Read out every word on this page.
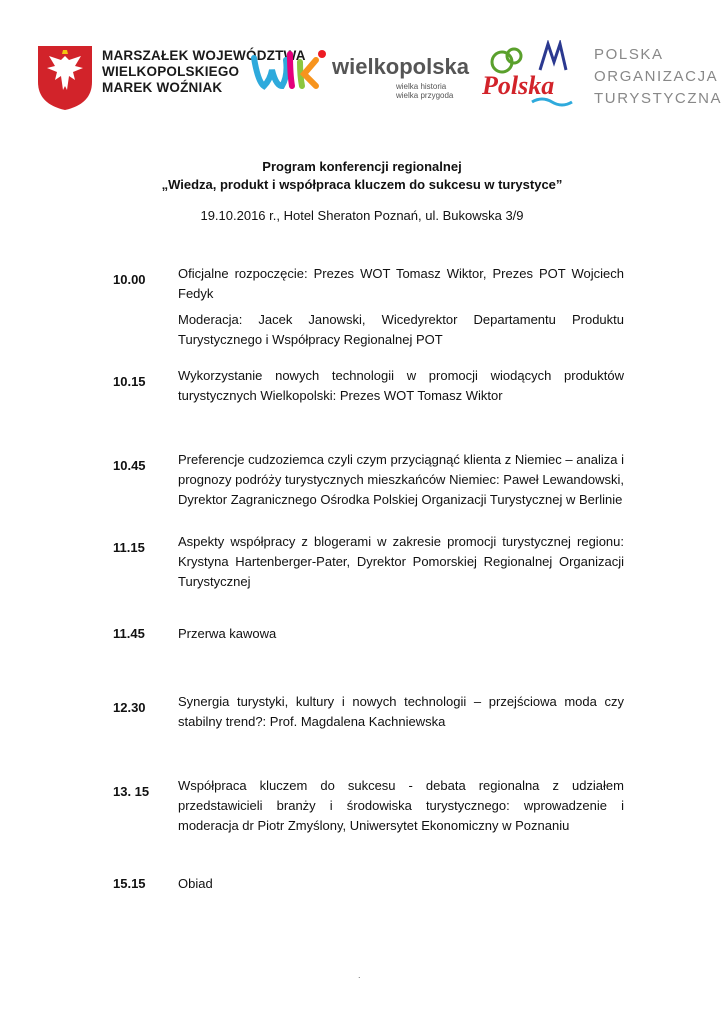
MARSZAŁEK WOJEWÓDZTWA
WIELKOPOLSKIEGO
MAREK WOŹNIAK
wielkopolska
wielka historia
wielka przygoda Polska
POLSKA
ORGANIZACJA
TURYSTYCZNA
Program konferencji regionalnej
„Wiedza, produkt i współpraca kluczem do sukcesu w turystyce”
19.10.2016 r., Hotel Sheraton Poznań, ul. Bukowska 3/9
10.00 Oficjalne rozpoczęcie: Prezes WOT Tomasz Wiktor, Prezes POT Wojciech Fedyk

Moderacja: Jacek Janowski, Wicedyrektor Departamentu Produktu Turystycznego i Współpracy Regionalnej POT

10.15 Wykorzystanie nowych technologii w promocji wiodących produktów turystycznych Wielkopolski: Prezes WOT Tomasz Wiktor

10.45 Preferencje cudzoziemca czyli czym przyciągnąć klienta z Niemiec – analiza i prognozy podróży turystycznych mieszkańców Niemiec: Paweł Lewandowski, Dyrektor Zagranicznego Ośrodka Polskiej Organizacji Turystycznej w Berlinie

11.15	Aspekty współpracy z blogerami w zakresie promocji turystycznej regionu: Krystyna Hartenberger-Pater, Dyrektor Pomorskiej Regionalnej Organizacji Turystycznej

11.45	Przerwa kawowa

12.30 Synergia turystyki, kultury i nowych technologii – przejściowa moda czy stabilny trend?: Prof. Magdalena Kachniewska

13. 15 Współpraca kluczem do sukcesu - debata regionalna z udziałem przedstawicieli branży i środowiska turystycznego: wprowadzenie i moderacja dr Piotr Zmyślony, Uniwersytet Ekonomiczny w Poznaniu

15.15 Obiad

.
